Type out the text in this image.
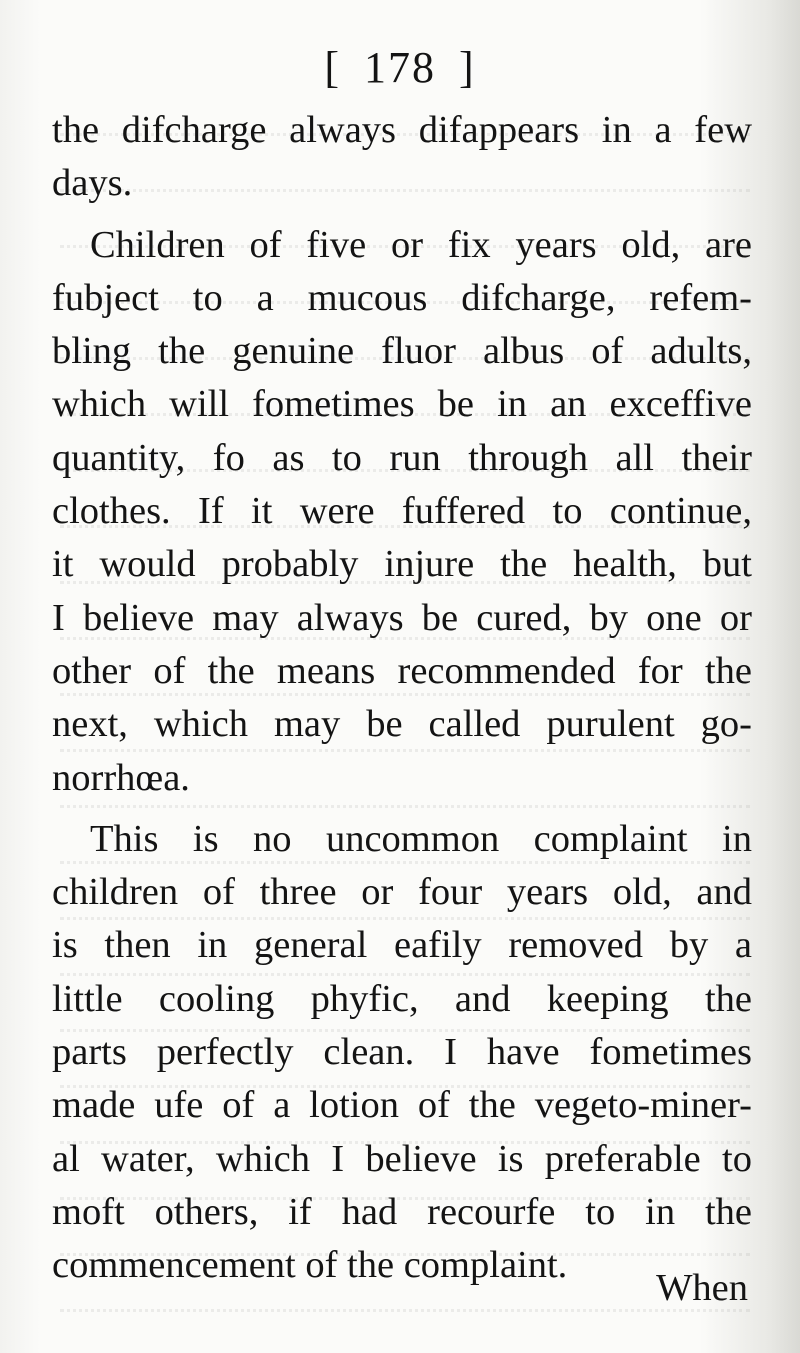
[ 178 ]
the difcharge always difappears in a few
days.
Children of five or fix years old, are
fubject to a mucous difcharge, refem-
bling the genuine fluor albus of adults,
which will fometimes be in an exceffive
quantity, fo as to run through all their
clothes. If it were fuffered to continue,
it would probably injure the health, but
I believe may always be cured, by one or
other of the means recommended for the
next, which may be called purulent go-
norrhœa.
This is no uncommon complaint in
children of three or four years old, and
is then in general eafily removed by a
little cooling phyfic, and keeping the
parts perfectly clean. I have fometimes
made ufe of a lotion of the vegeto-miner-
al water, which I believe is preferable to
moft others, if had recourfe to in the
commencement of the complaint.
When
